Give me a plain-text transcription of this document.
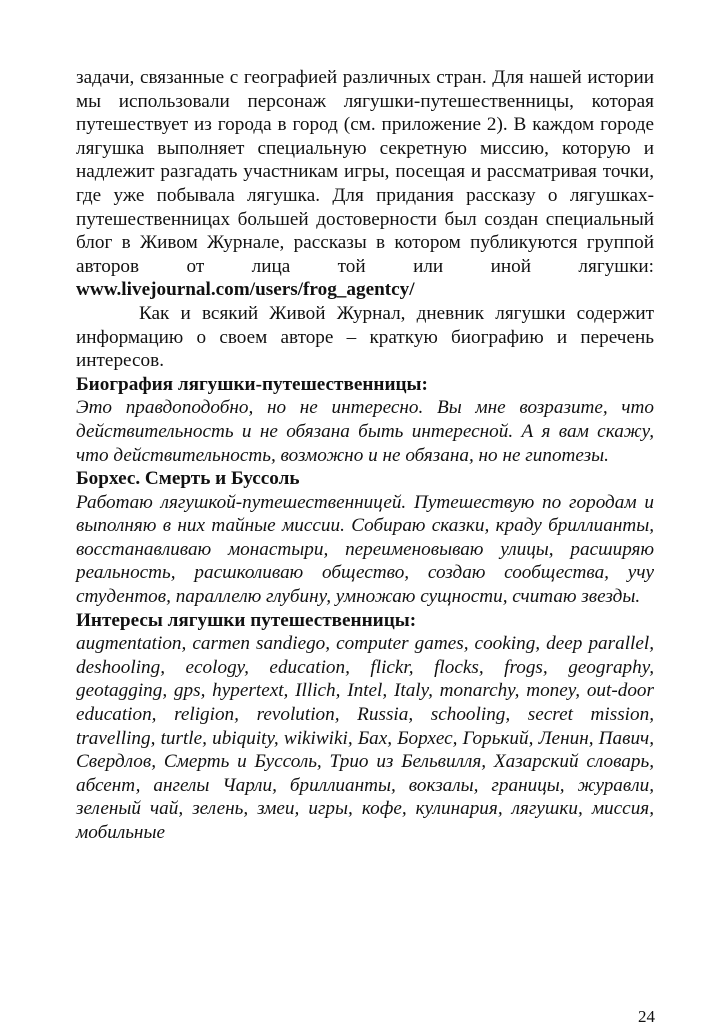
задачи, связанные с географией различных стран. Для нашей истории мы использовали персонаж лягушки-путешественницы, которая путешествует из города в город (см. приложение 2). В каждом городе лягушка выполняет специальную секретную миссию, которую и надлежит разгадать участникам игры, посещая и рассматривая точки, где уже побывала лягушка. Для придания рассказу о лягушках-путешественницах большей достоверности был создан специальный блог в Живом Журнале, рассказы в котором публикуются группой авторов от лица той или иной лягушки: www.livejournal.com/users/frog_agentcy/

Как и всякий Живой Журнал, дневник лягушки содержит информацию о своем авторе – краткую биографию и перечень интересов.

Биография лягушки-путешественницы:

Это правдоподобно, но не интересно. Вы мне возразите, что действительность и не обязана быть интересной. А я вам скажу, что действительность, возможно и не обязана, но не гипотезы.

Борхес. Смерть и Буссоль

Работаю лягушкой-путешественницей. Путешествую по городам и выполняю в них тайные миссии. Собираю сказки, краду бриллианты, восстанавливаю монастыри, переименовываю улицы, расширяю реальность, расшколиваю общество, создаю сообщества, учу студентов, параллелю глубину, умножаю сущности, считаю звезды.

Интересы лягушки путешественницы:

augmentation, carmen sandiego, computer games, cooking, deep parallel, deshooling, ecology, education, flickr, flocks, frogs, geography, geotagging, gps, hypertext, Illich, Intel, Italy, monarchy, money, out-door education, religion, revolution, Russia, schooling, secret mission, travelling, turtle, ubiquity, wikiwiki, Бах, Борхес, Горький, Ленин, Павич, Свердлов, Смерть и Буссоль, Трио из Бельвилля, Хазарский словарь, абсент, ангелы Чарли, бриллианты, вокзалы, границы, журавли, зеленый чай, зелень, змеи, игры, кофе, кулинария, лягушки, миссия, мобильные

24
